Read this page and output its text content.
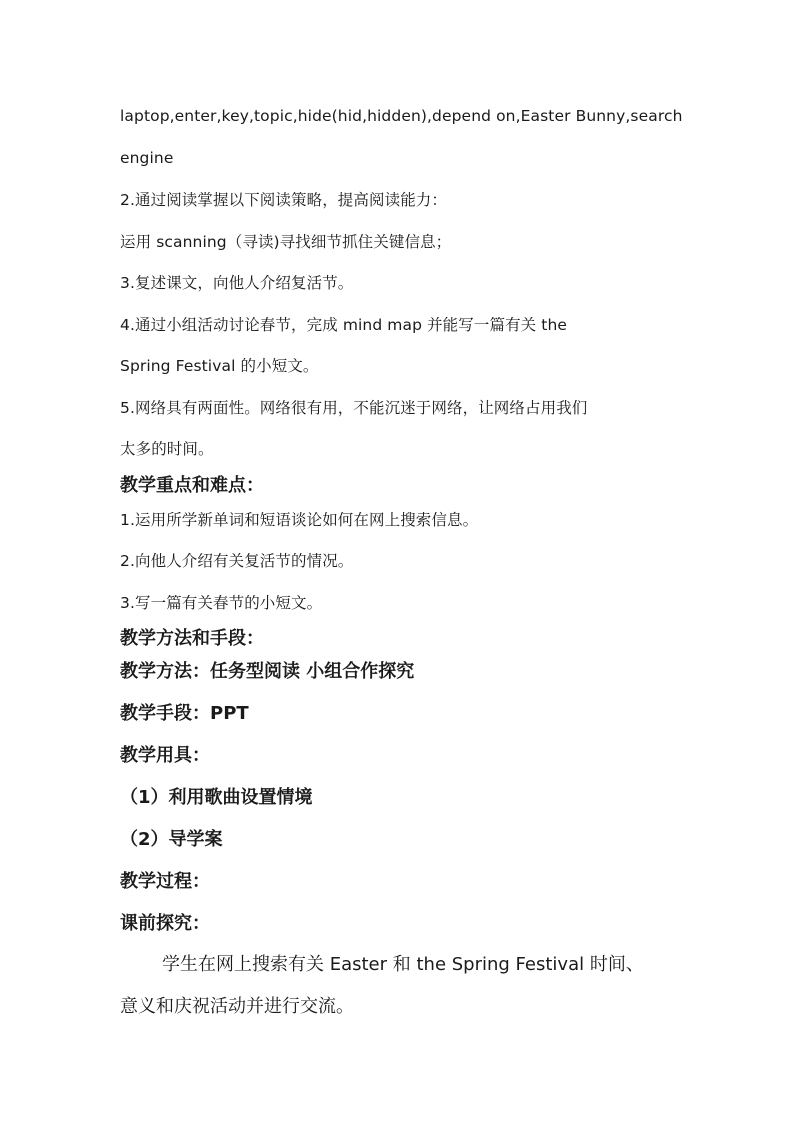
laptop,enter,key,topic,hide(hid,hidden),depend on,Easter Bunny,search
engine
2.通过阅读掌握以下阅读策略，提高阅读能力：
运用 scanning（寻读)寻找细节抓住关键信息；
3.复述课文，向他人介绍复活节。
4.通过小组活动讨论春节，完成 mind map 并能写一篇有关 the
Spring Festival 的小短文。
5.网络具有两面性。网络很有用，不能沉迷于网络，让网络占用我们
太多的时间。
教学重点和难点：
1.运用所学新单词和短语谈论如何在网上搜索信息。
2.向他人介绍有关复活节的情况。
3.写一篇有关春节的小短文。
教学方法和手段：
教学方法：任务型阅读 小组合作探究
教学手段：PPT
教学用具：
（1）利用歌曲设置情境
（2）导学案
教学过程：
课前探究：
学生在网上搜索有关 Easter 和 the Spring Festival 时间、
意义和庆祝活动并进行交流。
